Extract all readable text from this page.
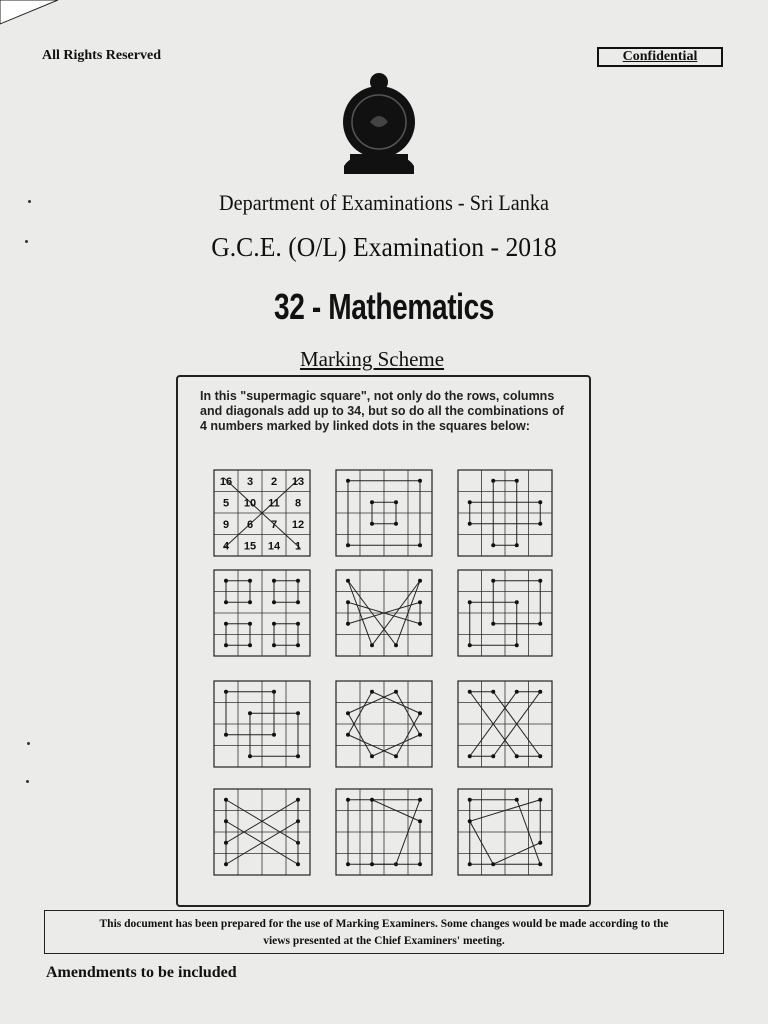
All Rights Reserved	Confidential
Department of Examinations - Sri Lanka
G.C.E. (O/L) Examination - 2018
32 - Mathematics
Marking Scheme
In this "supermagic square", not only do the rows, columns and diagonals add up to 34, but so do all the combinations of 4 numbers marked by linked dots in the squares below:
16 3 2 13
5 10 11 8
9 6 7 12
4 15 14 1
This document has been prepared for the use of Marking Examiners. Some changes would be made according to the
views presented at the Chief Examiners' meeting.
Amendments to be included
